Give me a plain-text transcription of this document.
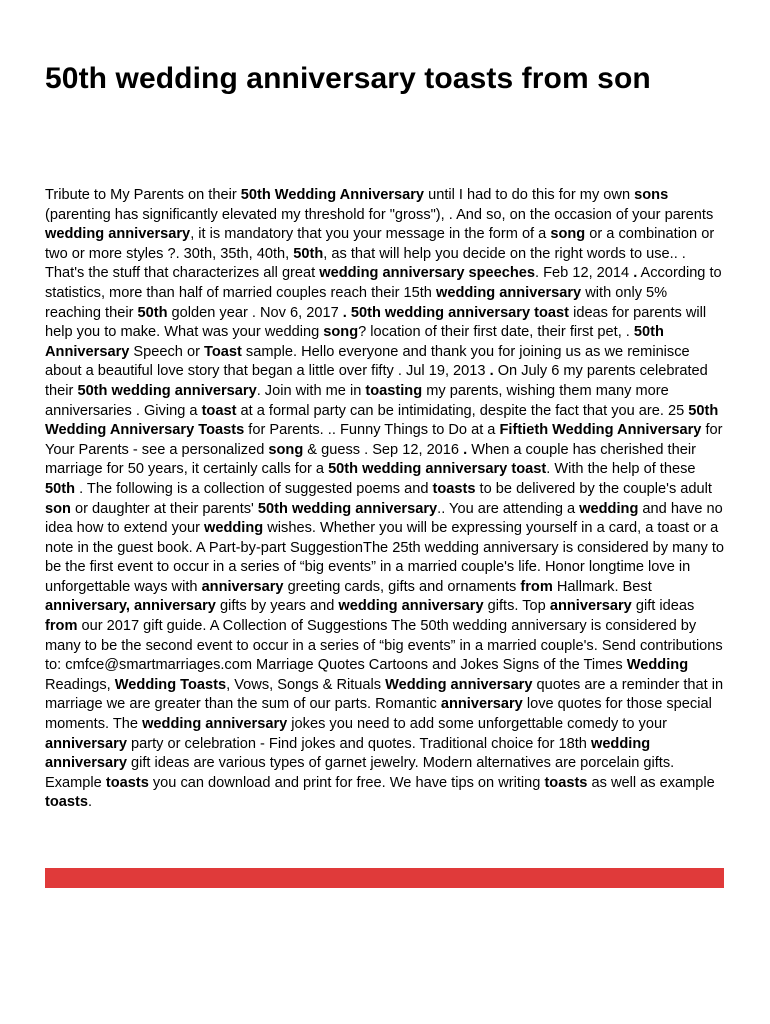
50th wedding anniversary toasts from son

Tribute to My Parents on their 50th Wedding Anniversary until I had to do this for my own sons (parenting has significantly elevated my threshold for "gross"), . And so, on the occasion of your parents wedding anniversary, it is mandatory that you your message in the form of a song or a combination or two or more styles ?. 30th, 35th, 40th, 50th, as that will help you decide on the right words to use.. . That's the stuff that characterizes all great wedding anniversary speeches. Feb 12, 2014 . According to statistics, more than half of married couples reach their 15th wedding anniversary with only 5% reaching their 50th golden year . Nov 6, 2017 . 50th wedding anniversary toast ideas for parents will help you to make. What was your wedding song? location of their first date, their first pet, . 50th Anniversary Speech or Toast sample. Hello everyone and thank you for joining us as we reminisce about a beautiful love story that began a little over fifty . Jul 19, 2013 . On July 6 my parents celebrated their 50th wedding anniversary. Join with me in toasting my parents, wishing them many more anniversaries . Giving a toast at a formal party can be intimidating, despite the fact that you are. 25 50th Wedding Anniversary Toasts for Parents. .. Funny Things to Do at a Fiftieth Wedding Anniversary for Your Parents - see a personalized song & guess . Sep 12, 2016 . When a couple has cherished their marriage for 50 years, it certainly calls for a 50th wedding anniversary toast. With the help of these 50th . The following is a collection of suggested poems and toasts to be delivered by the couple's adult son or daughter at their parents' 50th wedding anniversary.. You are attending a wedding and have no idea how to extend your wedding wishes. Whether you will be expressing yourself in a card, a toast or a note in the guest book. A Part-by-part SuggestionThe 25th wedding anniversary is considered by many to be the first event to occur in a series of “big events” in a married couple's life. Honor longtime love in unforgettable ways with anniversary greeting cards, gifts and ornaments from Hallmark. Best anniversary, anniversary gifts by years and wedding anniversary gifts. Top anniversary gift ideas from our 2017 gift guide. A Collection of Suggestions The 50th wedding anniversary is considered by many to be the second event to occur in a series of “big events” in a married couple's. Send contributions to: cmfce@smartmarriages.com Marriage Quotes Cartoons and Jokes Signs of the Times Wedding Readings, Wedding Toasts, Vows, Songs & Rituals Wedding anniversary quotes are a reminder that in marriage we are greater than the sum of our parts. Romantic anniversary love quotes for those special moments. The wedding anniversary jokes you need to add some unforgettable comedy to your anniversary party or celebration - Find jokes and quotes. Traditional choice for 18th wedding anniversary gift ideas are various types of garnet jewelry. Modern alternatives are porcelain gifts. Example toasts you can download and print for free. We have tips on writing toasts as well as example toasts.
